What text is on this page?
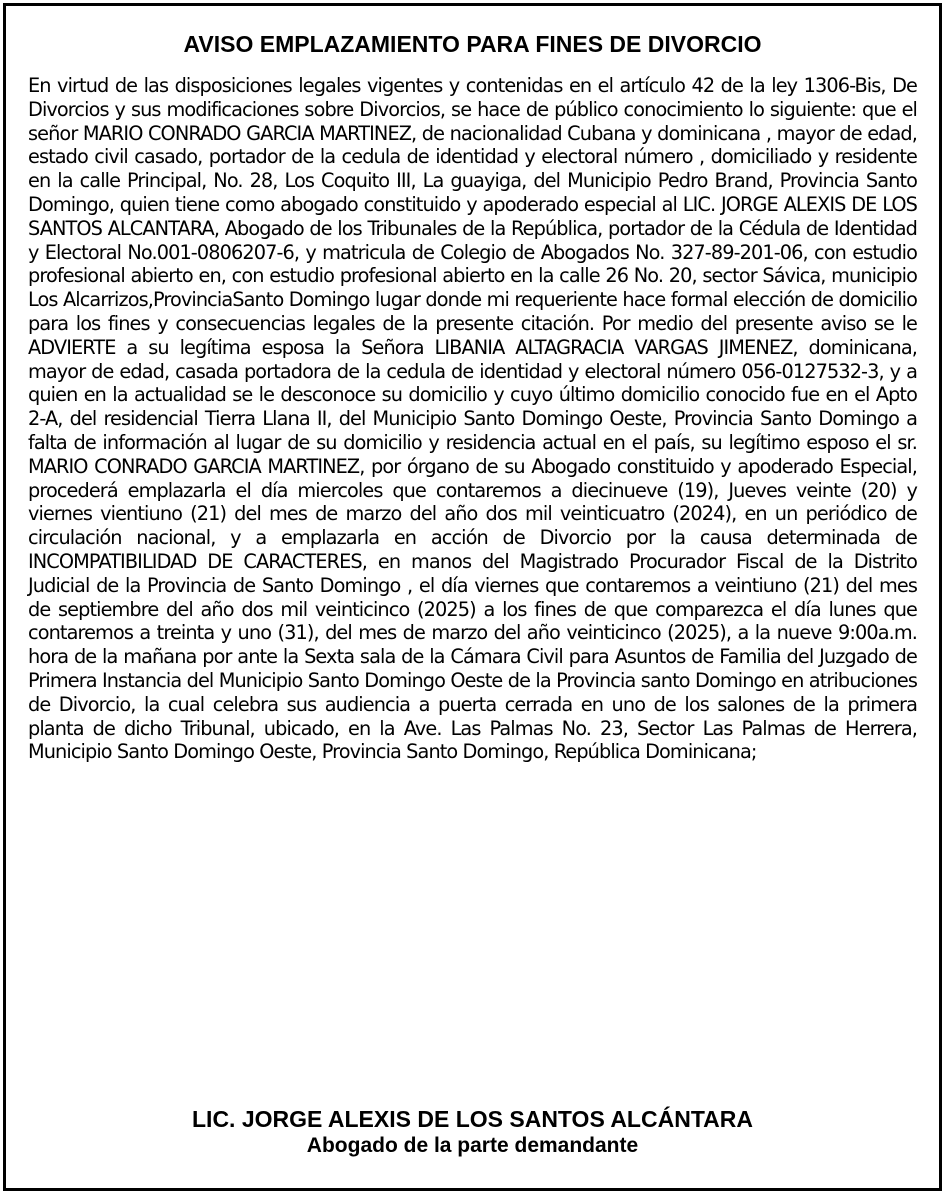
AVISO EMPLAZAMIENTO PARA FINES DE DIVORCIO

En virtud de las disposiciones legales vigentes y contenidas en el artículo 42 de la ley 1306-Bis, De Divorcios y sus modificaciones sobre Divorcios, se hace de público conocimiento lo siguiente: que el señor MARIO CONRADO GARCIA MARTINEZ, de nacionalidad Cubana y dominicana , mayor de edad, estado civil casado, portador de la cedula de identidad y electoral número , domiciliado y residente en la calle Principal, No. 28, Los Coquito III, La guayiga, del Municipio Pedro Brand, Provincia Santo Domingo, quien tiene como abogado constituido y apoderado especial al LIC. JORGE ALEXIS DE LOS SANTOS ALCANTARA, Abogado de los Tribunales de la República, portador de la Cédula de Identidad y Electoral No.001-0806207-6, y matricula de Colegio de Abogados No. 327-89-201-06, con estudio profesional abierto en, con estudio profesional abierto en la calle 26 No. 20, sector Sávica, municipio Los Alcarrizos,ProvinciaSanto Domingo lugar donde mi requeriente hace formal elección de domicilio para los fines y consecuencias legales de la presente citación. Por medio del presente aviso se le ADVIERTE a su legítima esposa la Señora LIBANIA ALTAGRACIA VARGAS JIMENEZ, dominicana, mayor de edad, casada portadora de la cedula de identidad y electoral número 056-0127532-3, y a quien en la actualidad se le desconoce su domicilio y cuyo último domicilio conocido fue en el Apto 2-A, del residencial Tierra Llana II, del Municipio Santo Domingo Oeste, Provincia Santo Domingo a falta de información al lugar de su domicilio y residencia actual en el país, su legítimo esposo el sr. MARIO CONRADO GARCIA MARTINEZ, por órgano de su Abogado constituido y apoderado Especial, procederá emplazarla el día miercoles que contaremos a diecinueve (19), Jueves veinte (20) y viernes vientiuno (21) del mes de marzo del año dos mil veinticuatro (2024), en un periódico de circulación nacional, y a emplazarla en acción de Divorcio por la causa determinada de INCOMPATIBILIDAD DE CARACTERES, en manos del Magistrado Procurador Fiscal de la Distrito Judicial de la Provincia de Santo Domingo , el día viernes que contaremos a veintiuno (21) del mes de septiembre del año dos mil veinticinco (2025) a los fines de que comparezca el día lunes que contaremos a treinta y uno (31), del mes de marzo del año veinticinco (2025), a la nueve 9:00a.m. hora de la mañana por ante la Sexta sala de la Cámara Civil para Asuntos de Familia del Juzgado de Primera Instancia del Municipio Santo Domingo Oeste de la Provincia santo Domingo en atribuciones de Divorcio, la cual celebra sus audiencia a puerta cerrada en uno de los salones de la primera planta de dicho Tribunal, ubicado, en la Ave. Las Palmas No. 23, Sector Las Palmas de Herrera, Municipio Santo Domingo Oeste, Provincia Santo Domingo, República Dominicana;

LIC. JORGE ALEXIS DE LOS SANTOS ALCÁNTARA

Abogado de la parte demandante
